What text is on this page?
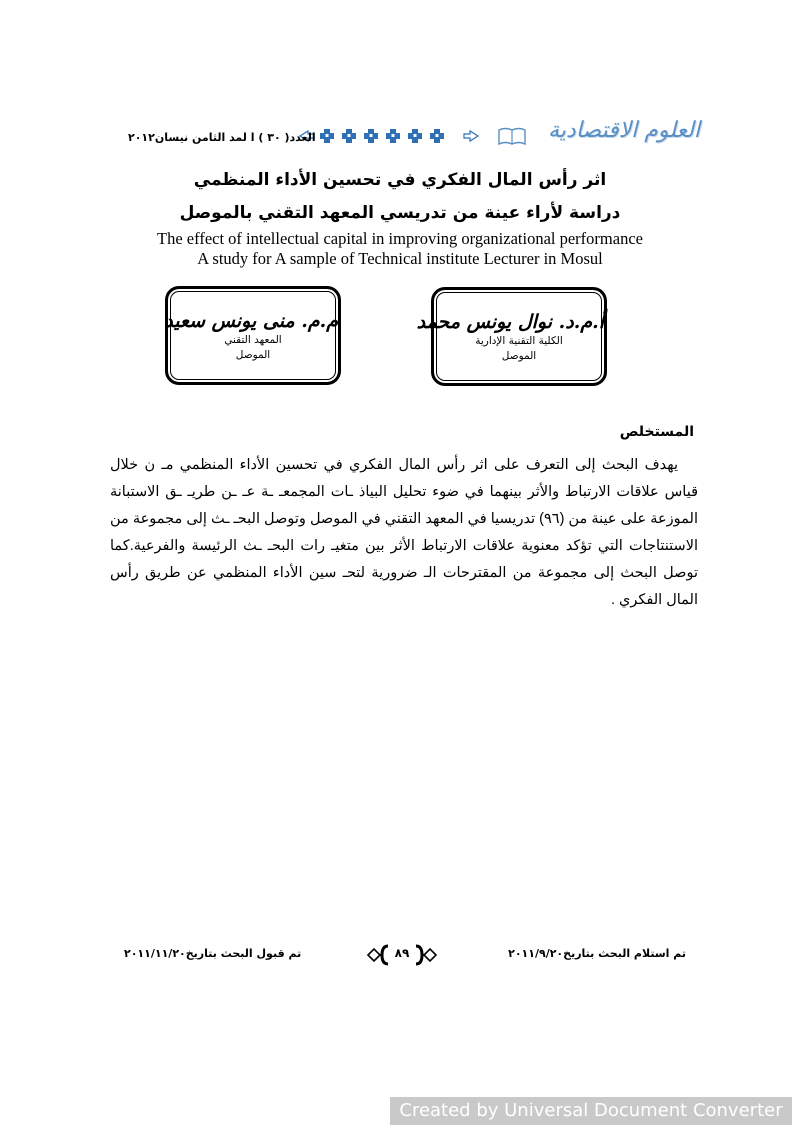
العلوم الاقتصادية
العدد( ٣٠ ) ا لمد الثامن نيسان٢٠١٢
اثر رأس المال الفكري في تحسين الأداء المنظمي
دراسة لأراء عينة من تدريسي المعهد التقني بالموصل
The effect of intellectual capital in improving organizational performance
A study for A sample of Technical institute Lecturer in Mosul
أ.م.د. نوال يونس محمد
الكلية التقنية الإدارية
الموصل
م.م. منى يونس سعيد
المعهد التقني
الموصل
المستخلص

يهدف البحث إلى التعرف على اثر رأس المال الفكري في تحسين الأداء المنظمي مـ ن خلال قياس علاقات الارتباط والأثر بينهما في ضوء تحليل البياذ ـات المجمعـ ـة عـ ـن طريـ ـق الاستبانة الموزعة على عينة من (٩٦) تدريسيا في المعهد التقني في الموصل وتوصل البحـ ـث إلى مجموعة من الاستنتاجات التي تؤكد معنوية علاقات الارتباط الأثر بين متغيـ رات البحـ ـث الرئيسة والفرعية.كما توصل البحث إلى مجموعة من المقترحات الـ ضرورية لتحـ سين الأداء المنظمي عن طريق رأس المال الفكري .

تم استلام البحث بتاريخ٢٠١١/٩/٢٠
٨٩
تم قبول البحث بتاريخ٢٠١١/١١/٢٠
Created by Universal Document Converter
